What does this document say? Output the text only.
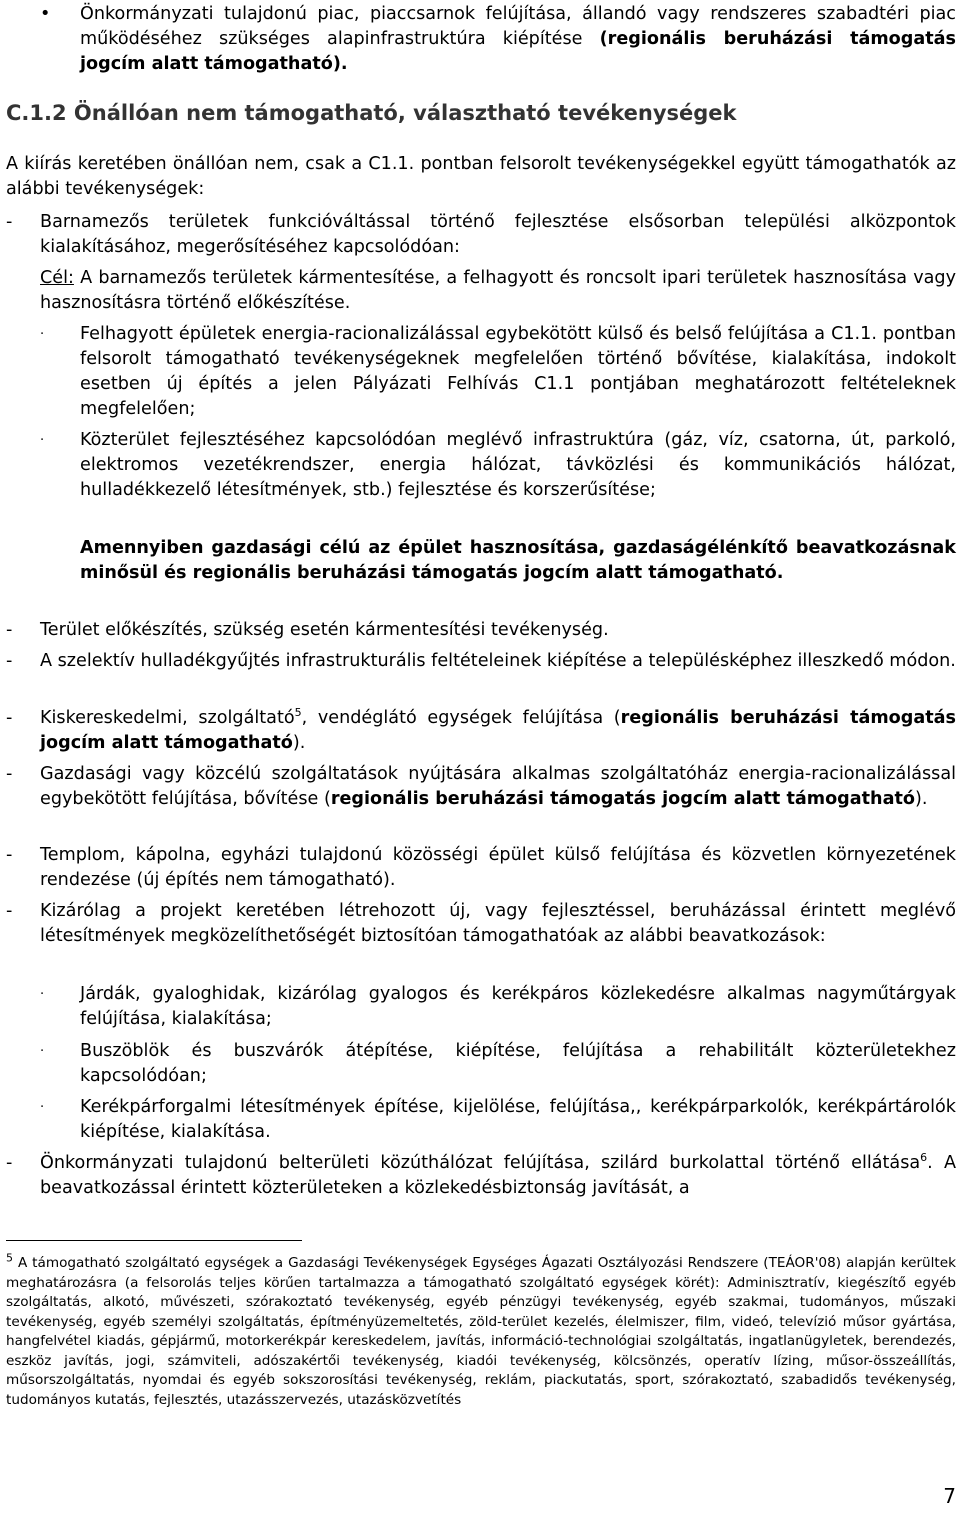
•	Önkormányzati tulajdonú piac, piaccsarnok felújítása, állandó vagy rendszeres szabadtéri piac működéséhez szükséges alapinfrastruktúra kiépítése (regionális beruházási támogatás jogcím alatt támogatható).

C.1.2 Önállóan nem támogatható, választható tevékenységek

A kiírás keretében önállóan nem, csak a C1.1. pontban felsorolt tevékenységekkel együtt támogathatók az alábbi tevékenységek:

-	Barnamezős területek funkcióváltással történő fejlesztése elsősorban települési alközpontok kialakításához, megerősítéséhez kapcsolódóan:

Cél: A barnamezős területek kármentesítése, a felhagyott és roncsolt ipari területek hasznosítása vagy hasznosításra történő előkészítése.

·	Felhagyott épületek energia-racionalizálással egybekötött külső és belső felújítása a C1.1. pontban felsorolt támogatható tevékenységeknek megfelelően történő bővítése, kialakítása, indokolt esetben új építés a jelen Pályázati Felhívás C1.1 pontjában meghatározott feltételeknek megfelelően;

·	Közterület fejlesztéséhez kapcsolódóan meglévő infrastruktúra (gáz, víz, csatorna, út, parkoló, elektromos vezetékrendszer, energia hálózat, távközlési és kommunikációs hálózat, hulladékkezelő létesítmények, stb.) fejlesztése és korszerűsítése;

Amennyiben gazdasági célú az épület hasznosítása, gazdaságélénkítő beavatkozásnak minősül és regionális beruházási támogatás jogcím alatt támogatható.

-	Terület előkészítés, szükség esetén kármentesítési tevékenység.

-	A szelektív hulladékgyűjtés infrastrukturális feltételeinek kiépítése a településképhez illeszkedő módon.

-	Kiskereskedelmi, szolgáltató$^5$, vendéglátó egységek felújítása (regionális beruházási támogatás jogcím alatt támogatható).

-	Gazdasági vagy közcélú szolgáltatások nyújtására alkalmas szolgáltatóház energia-racionalizálással egybekötött felújítása, bővítése (regionális beruházási támogatás jogcím alatt támogatható).

-	Templom, kápolna, egyházi tulajdonú közösségi épület külső felújítása és közvetlen környezetének rendezése (új építés nem támogatható).

-	Kizárólag a projekt keretében létrehozott új, vagy fejlesztéssel, beruházással érintett meglévő létesítmények megközelíthetőségét biztosítóan támogathatóak az alábbi beavatkozások:

·	Járdák, gyaloghidak, kizárólag gyalogos és kerékpáros közlekedésre alkalmas nagyműtárgyak felújítása, kialakítása;

·	Buszöblök és buszvárók átépítése, kiépítése, felújítása a rehabilitált közterületekhez kapcsolódóan;

·	Kerékpárforgalmi létesítmények építése, kijelölése, felújítása,, kerékpárparkolók, kerékpártárolók kiépítése, kialakítása.

-	Önkormányzati tulajdonú belterületi közúthálózat felújítása, szilárd burkolattal történő ellátása$^6$. A beavatkozással érintett közterületeken a közlekedésbiztonság javítását, a

$^5$ A támogatható szolgáltató egységek a Gazdasági Tevékenységek Egységes Ágazati Osztályozási Rendszere (TEÁOR'08) alapján kerültek meghatározásra (a felsorolás teljes körűen tartalmazza a támogatható szolgáltató egységek körét): Adminisztratív, kiegészítő egyéb szolgáltatás, alkotó, művészeti, szórakoztató tevékenység, egyéb pénzügyi tevékenység, egyéb szakmai, tudományos, műszaki tevékenység, egyéb személyi szolgáltatás, építményüzemeltetés, zöld-terület kezelés, élelmiszer, film, videó, televízió műsor gyártása, hangfelvétel kiadás, gépjármű, motorkerékpár kereskedelem, javítás, információ-technológiai szolgáltatás, ingatlanügyletek, berendezés, eszköz javítás, jogi, számviteli, adószakértői tevékenység, kiadói tevékenység, kölcsönzés, operatív lízing, műsor-összeállítás, műsorszolgáltatás, nyomdai és egyéb sokszorosítási tevékenység, reklám, piackutatás, sport, szórakoztató, szabadidős tevékenység, tudományos kutatás, fejlesztés, utazásszervezés, utazásközvetítés

7
